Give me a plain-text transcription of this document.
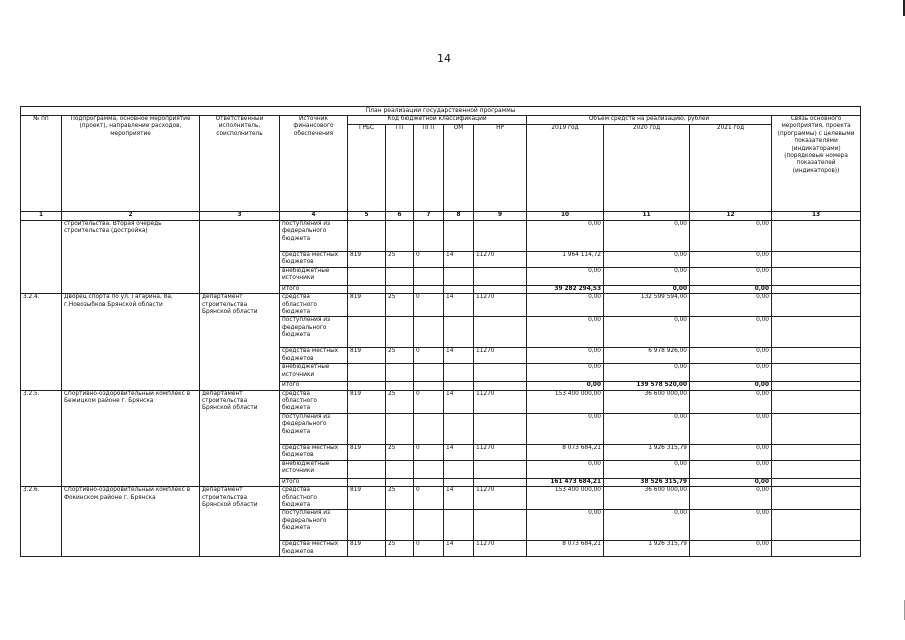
14
План реализации государственной программы												
№ пп	Подпрограмма, основное мероприятие (проект), направление расходов, мероприятие	Ответственный исполнитель, соисполнитель	Источник финансового обеспечения	Код бюджетной классификации					Объём средств на реализацию, рублей			Связь основного мероприятия, проекта (программы) с целевыми показателями (индикаторами) (порядковые номера показателей (индикаторов))
				ГРБС	ГП	ПГП	ОМ	НР	2019 год	2020 год	2021 год	
1	2	3	4	5	6	7	8	9	10	11	12	13
	строительства. Вторая очередь строительства (достройка)		поступления из федерального бюджета						0,00	0,00	0,00	
			средства местных бюджетов	819	25	0	14	11270	1 964 114,72	0,00	0,00	
			внебюджетные источники						0,00	0,00	0,00	
			итого						39 282 294,53	0,00	0,00	
3.2.4.	Дворец спорта по ул. Гагарина, 8а, г.Новозыбков Брянской области	департамент строительства Брянской области	средства областного бюджета	819	25	0	14	11270	0,00	132 599 594,00	0,00	
			поступления из федерального бюджета						0,00	0,00	0,00	
			средства местных бюджетов	819	25	0	14	11270	0,00	6 978 926,00	0,00	
			внебюджетные источники						0,00	0,00	0,00	
			итого						0,00	139 578 520,00	0,00	
3.2.5.	Спортивно-оздоровительный комплекс в Бежицком районе г. Брянска	департамент строительства Брянской области	средства областного бюджета	819	25	0	14	11270	153 400 000,00	36 600 000,00	0,00	
			поступления из федерального бюджета						0,00	0,00	0,00	
			средства местных бюджетов	819	25	0	14	11270	8 073 684,21	1 926 315,79	0,00	
			внебюджетные источники						0,00	0,00	0,00	
			итого						161 473 684,21	38 526 315,79	0,00	
3.2.6.	Спортивно-оздоровительный комплекс в Фокинском районе г. Брянска	департамент строительства Брянской области	средства областного бюджета	819	25	0	14	11270	153 400 000,00	36 600 000,00	0,00	
			поступления из федерального бюджета						0,00	0,00	0,00	
			средства местных бюджетов	819	25	0	14	11270	8 073 684,21	1 926 315,79	0,00	
